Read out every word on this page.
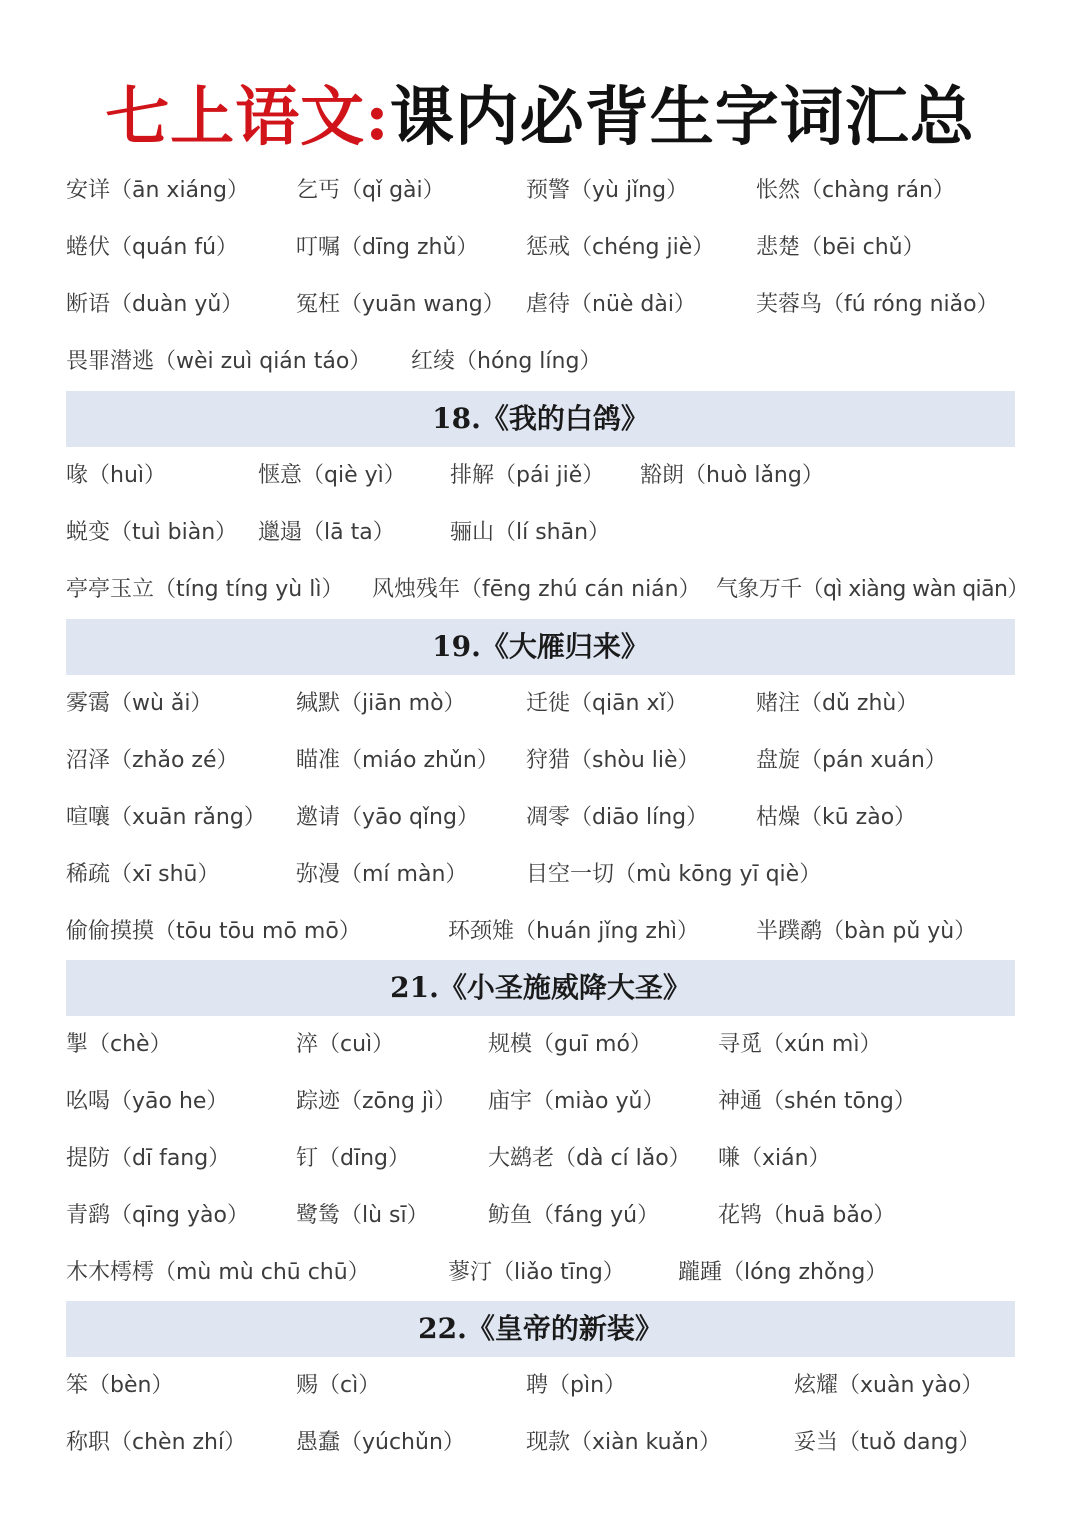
七上语文:课内必背生字词汇总
安详（ān xiáng） 乞丐（qǐ gài）	预警（yù jǐng）	怅然（chàng rán）
蜷伏（quán fú）	叮嘱（dīng zhǔ） 惩戒（chéng jiè） 悲楚（bēi chǔ）
断语（duàn yǔ） 冤枉（yuān wang） 虐待（nüè dài）	芙蓉鸟（fú róng niǎo）
畏罪潜逃（wèi zuì qián táo） 红绫（hóng líng）
18.《我的白鸽》
喙（huì）	惬意（qiè yì） 排解（pái jiě） 豁朗（huò lǎng）
蜕变（tuì biàn） 邋遢（lā ta）	骊山（lí shān）
亭亭玉立（tíng tíng yù lì） 风烛残年（fēng zhú cán nián） 气象万千（qì xiàng wàn qiān）
19.《大雁归来》
雾霭（wù ǎi）	缄默（jiān mò）	迁徙（qiān xǐ）	赌注（dǔ zhù）
沼泽（zhǎo zé）	瞄准（miáo zhǔn） 狩猎（shòu liè）	盘旋（pán xuán）
喧嚷（xuān rǎng） 邀请（yāo qǐng） 凋零（diāo líng） 枯燥（kū zào）
稀疏（xī shū）	弥漫（mí màn）	目空一切（mù kōng yī qiè）
偷偷摸摸（tōu tōu mō mō）	环颈雉（huán jǐng zhì）	半蹼鹬（bàn pǔ yù）
21.《小圣施威降大圣》
掣（chè）	淬（cuì）	规模（guī mó）	寻觅（xún mì）
吆喝（yāo he）	踪迹（zōng jì） 庙宇（miào yǔ） 神通（shén tōng）
提防（dī fang）	钉（dīng）	大鹚老（dà cí lǎo） 嗛（xián）
青鹞（qīng yào） 鹭鸶（lù sī）	鲂鱼（fáng yú）	花鸨（huā bǎo）
木木樗樗（mù mù chū chū）	蓼汀（liǎo tīng） 躘踵（lóng zhǒng）
22.《皇帝的新装》
笨（bèn）	赐（cì）	聘（pìn）	炫耀（xuàn yào）
称职（chèn zhí） 愚蠢（yúchǔn）	现款（xiàn kuǎn）	妥当（tuǒ dang）
